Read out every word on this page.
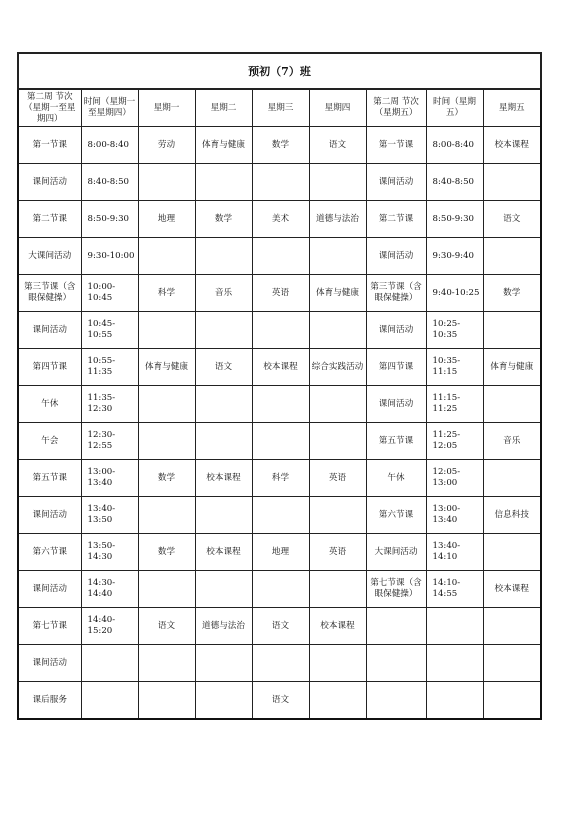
预初（7）班								
第二周 节次（星期一至星期四）	时间（星期一至星期四）	星期一	星期二	星期三	星期四	第二周 节次（星期五）	时间（星期五）	星期五
第一节课	8:00-8:40	劳动	体育与健康	数学	语文	第一节课	8:00-8:40	校本课程
课间活动	8:40-8:50					课间活动	8:40-8:50	
第二节课	8:50-9:30	地理	数学	美术	道德与法治	第二节课	8:50-9:30	语文
大课间活动	9:30-10:00					课间活动	9:30-9:40	
第三节课（含眼保健操）	10:00-10:45	科学	音乐	英语	体育与健康	第三节课（含眼保健操）	9:40-10:25	数学
课间活动	10:45-10:55					课间活动	10:25-10:35	
第四节课	10:55-11:35	体育与健康	语文	校本课程	综合实践活动	第四节课	10:35-11:15	体育与健康
午休	11:35-12:30					课间活动	11:15-11:25	
午会	12:30-12:55					第五节课	11:25-12:05	音乐
第五节课	13:00-13:40	数学	校本课程	科学	英语	午休	12:05-13:00	
课间活动	13:40-13:50					第六节课	13:00-13:40	信息科技
第六节课	13:50-14:30	数学	校本课程	地理	英语	大课间活动	13:40-14:10	
课间活动	14:30-14:40					第七节课（含眼保健操）	14:10-14:55	校本课程
第七节课	14:40-15:20	语文	道德与法治	语文	校本课程			
课间活动								
课后服务				语文				
